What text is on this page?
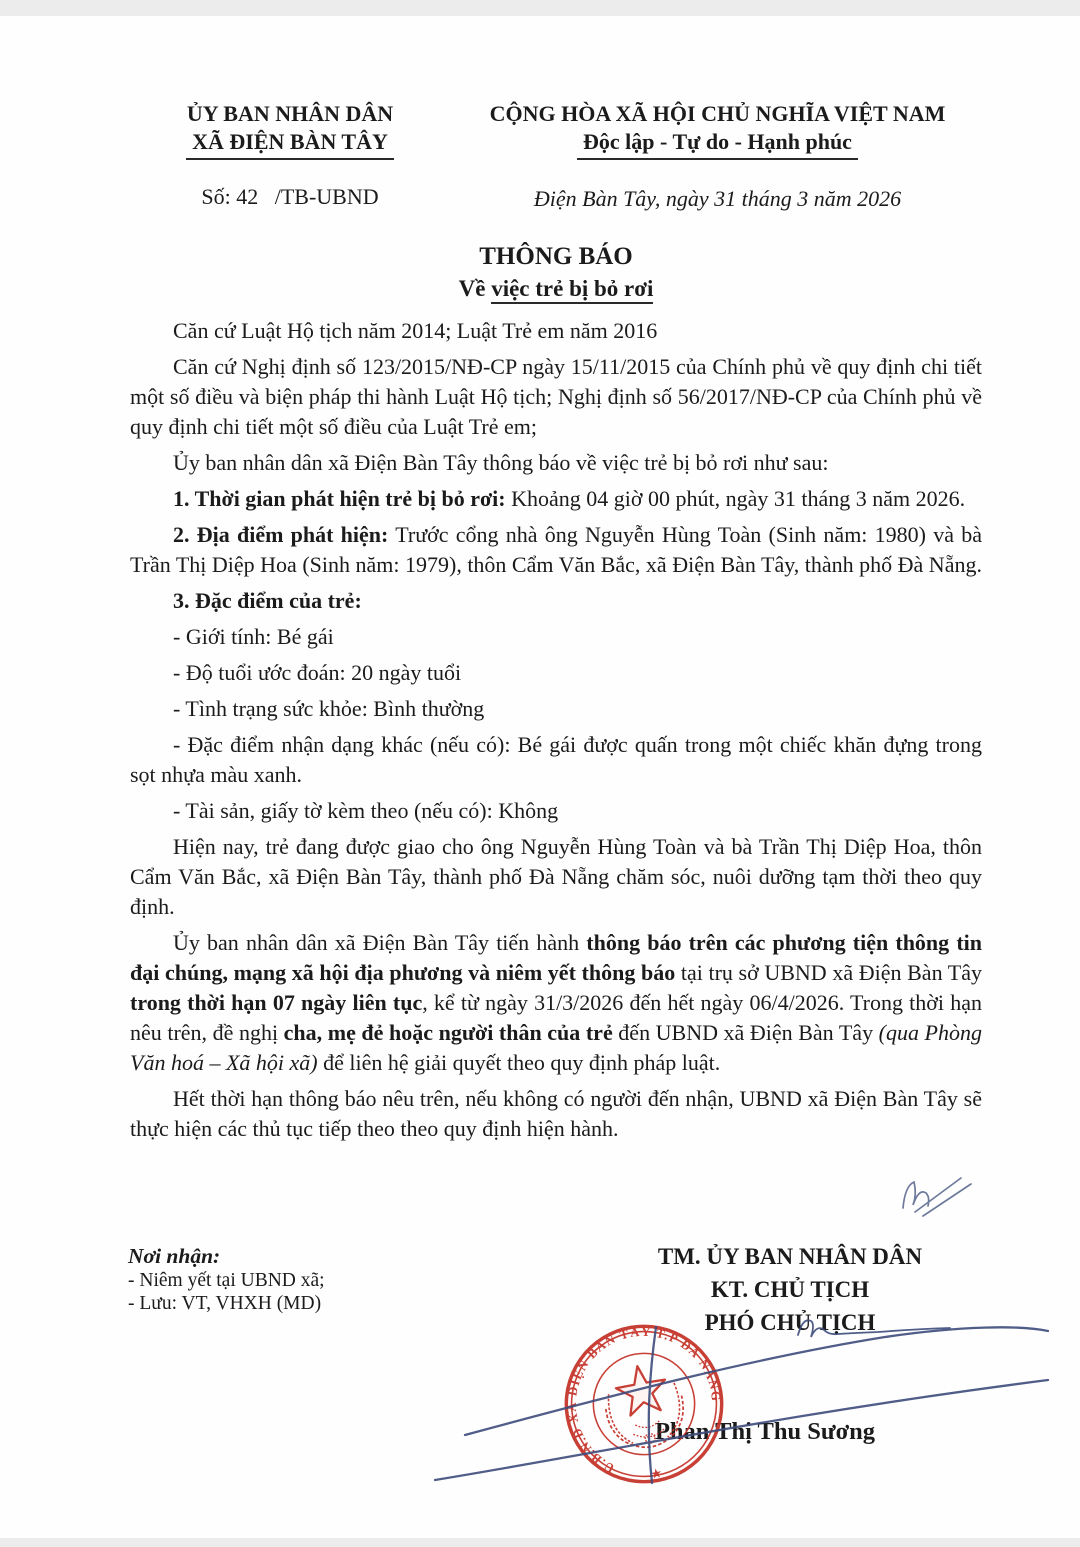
ỦY BAN NHÂN DÂN
XÃ ĐIỆN BÀN TÂY
Số: 42   /TB-UBND
CỘNG HÒA XÃ HỘI CHỦ NGHĨA VIỆT NAM
Độc lập - Tự do - Hạnh phúc
Điện Bàn Tây, ngày 31 tháng 3 năm 2026
THÔNG BÁO
Về việc trẻ bị bỏ rơi

Căn cứ Luật Hộ tịch năm 2014; Luật Trẻ em năm 2016

Căn cứ Nghị định số 123/2015/NĐ-CP ngày 15/11/2015 của Chính phủ về quy định chi tiết một số điều và biện pháp thi hành Luật Hộ tịch; Nghị định số 56/2017/NĐ-CP của Chính phủ về quy định chi tiết một số điều của Luật Trẻ em;

Ủy ban nhân dân xã Điện Bàn Tây thông báo về việc trẻ bị bỏ rơi như sau:

1. Thời gian phát hiện trẻ bị bỏ rơi: Khoảng 04 giờ 00 phút, ngày 31 tháng 3 năm 2026.

2. Địa điểm phát hiện: Trước cổng nhà ông Nguyễn Hùng Toàn (Sinh năm: 1980) và bà Trần Thị Diệp Hoa (Sinh năm: 1979), thôn Cẩm Văn Bắc, xã Điện Bàn Tây, thành phố Đà Nẵng.

3. Đặc điểm của trẻ:

- Giới tính: Bé gái

- Độ tuổi ước đoán: 20 ngày tuổi

- Tình trạng sức khỏe: Bình thường

- Đặc điểm nhận dạng khác (nếu có): Bé gái được quấn trong một chiếc khăn đựng trong sọt nhựa màu xanh.

- Tài sản, giấy tờ kèm theo (nếu có): Không

Hiện nay, trẻ đang được giao cho ông Nguyễn Hùng Toàn và bà Trần Thị Diệp Hoa, thôn Cẩm Văn Bắc, xã Điện Bàn Tây, thành phố Đà Nẵng chăm sóc, nuôi dưỡng tạm thời theo quy định.

Ủy ban nhân dân xã Điện Bàn Tây tiến hành thông báo trên các phương tiện thông tin đại chúng, mạng xã hội địa phương và niêm yết thông báo tại trụ sở UBND xã Điện Bàn Tây trong thời hạn 07 ngày liên tục, kể từ ngày 31/3/2026 đến hết ngày 06/4/2026. Trong thời hạn nêu trên, đề nghị cha, mẹ đẻ hoặc người thân của trẻ đến UBND xã Điện Bàn Tây (qua Phòng Văn hoá – Xã hội xã) để liên hệ giải quyết theo quy định pháp luật.

Hết thời hạn thông báo nêu trên, nếu không có người đến nhận, UBND xã Điện Bàn Tây sẽ thực hiện các thủ tục tiếp theo theo quy định hiện hành.

Nơi nhận:
- Niêm yết tại UBND xã;
- Lưu: VT, VHXH (MD)
TM. ỦY BAN NHÂN DÂN
KT. CHỦ TỊCH
PHÓ CHỦ TỊCH
Phan Thị Thu Sương
U.B.N.D XÃ ĐIỆN BÀN TÂY T.P ĐÀ NẴNG
★
